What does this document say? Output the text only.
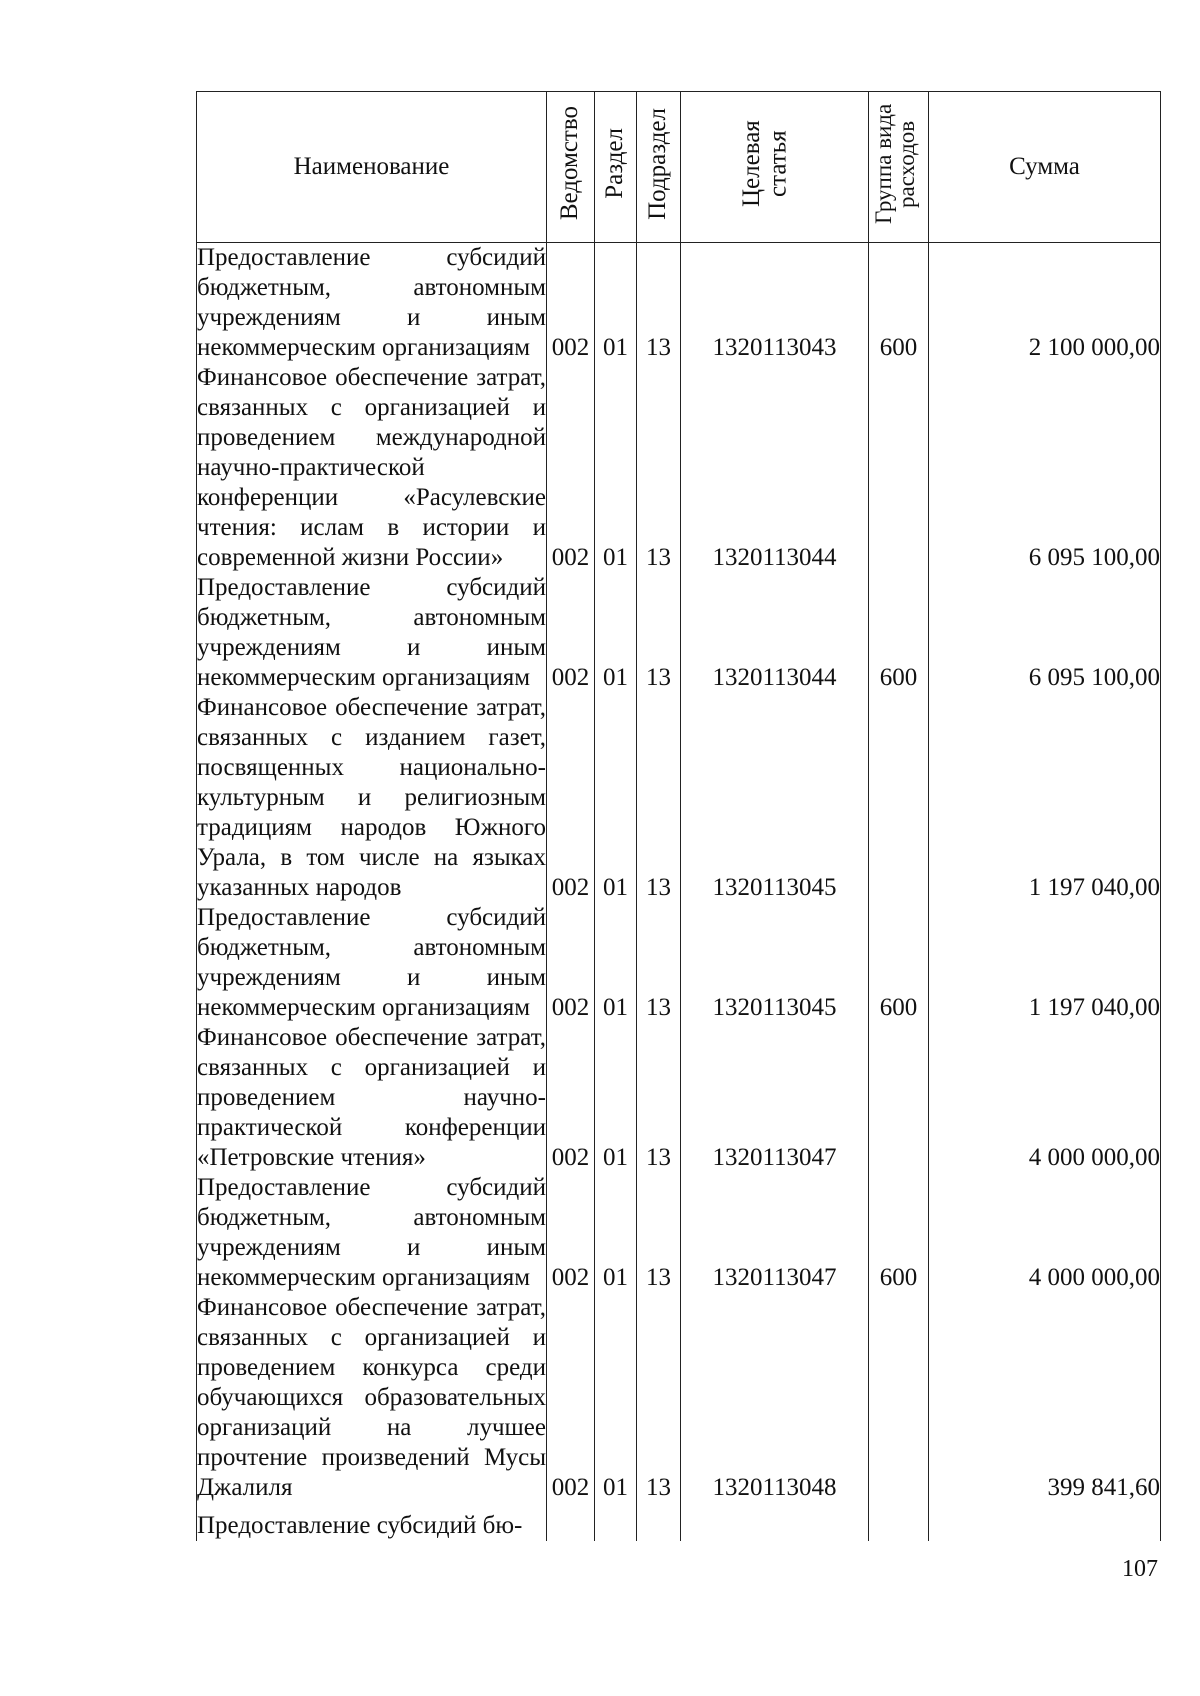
Наименование	Ведомство	Раздел	Подраздел	Целевая статья	Группа вида расходов	Сумма
Предоставление субсидий бюджетным, автономным учреждениям и иным некоммерческим организациям	002	01	13	1320113043	600	2 100 000,00
Финансовое обеспечение затрат, связанных с организацией и проведением международной научно-практической конференции «Расулевские чтения: ислам в истории и современной жизни России»	002	01	13	1320113044		6 095 100,00
Предоставление субсидий бюджетным, автономным учреждениям и иным некоммерческим организациям	002	01	13	1320113044	600	6 095 100,00
Финансовое обеспечение затрат, связанных с изданием газет, посвященных национально-культурным и религиозным традициям народов Южного Урала, в том числе на языках указанных народов	002	01	13	1320113045		1 197 040,00
Предоставление субсидий бюджетным, автономным учреждениям и иным некоммерческим организациям	002	01	13	1320113045	600	1 197 040,00
Финансовое обеспечение затрат, связанных с организацией и проведением научно-практической конференции «Петровские чтения»	002	01	13	1320113047		4 000 000,00
Предоставление субсидий бюджетным, автономным учреждениям и иным некоммерческим организациям	002	01	13	1320113047	600	4 000 000,00
Финансовое обеспечение затрат, связанных с организацией и проведением конкурса среди обучающихся образовательных организаций на лучшее прочтение произведений Мусы Джалиля	002	01	13	1320113048		399 841,60
Предоставление субсидий бю-						
107
